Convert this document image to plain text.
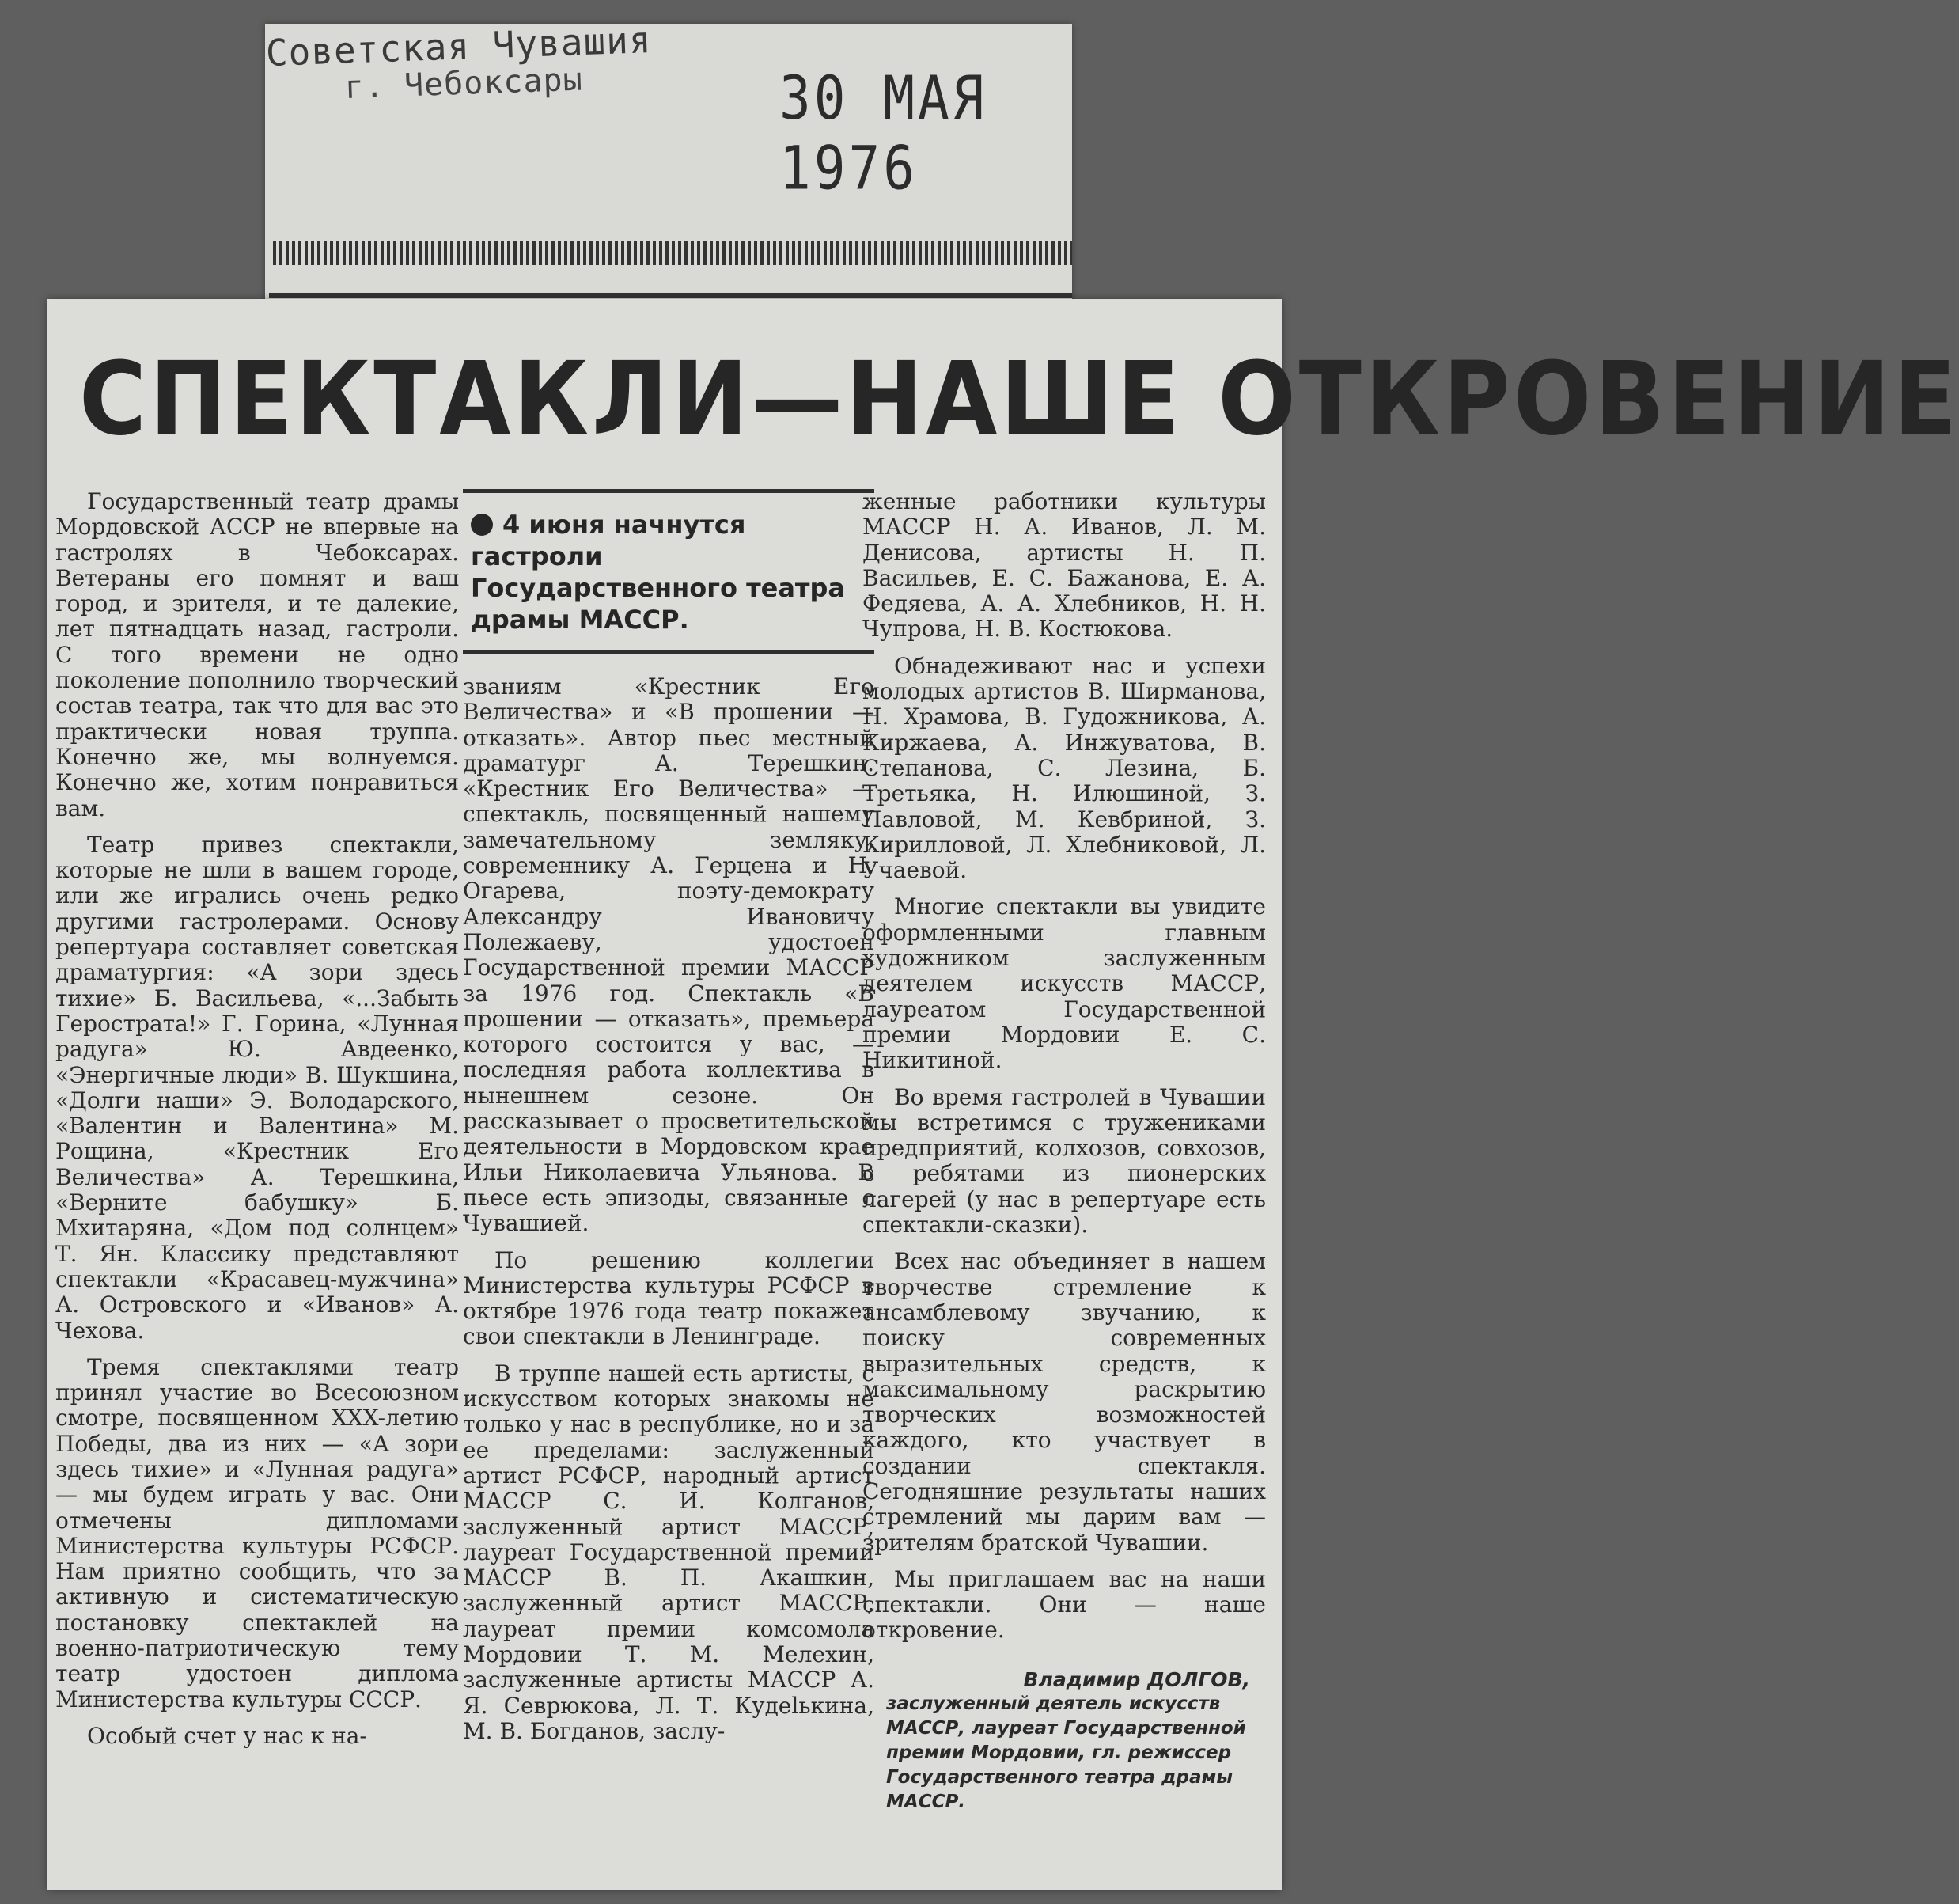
Советская Чувашия
г. Чебоксары	30 МАЯ 1976
СПЕКТАКЛИ—НАШЕ ОТКРОВЕНИЕ

Государственный театр драмы Мордовской АССР не впервые на гастролях в Чебоксарах. Ветераны его помнят и ваш город, и зрителя, и те далекие, лет пятнадцать назад, гастроли. С того времени не одно поколение пополнило творческий состав театра, так что для вас это практически новая труппа. Конечно же, мы волнуемся. Конечно же, хотим понравиться вам.

Театр привез спектакли, которые не шли в вашем городе, или же игрались очень редко другими гастролерами. Основу репертуара составляет советская драматургия: «А зори здесь тихие» Б. Васильева, «...Забыть Герострата!» Г. Горина, «Лунная радуга» Ю. Авдеенко, «Энергичные люди» В. Шукшина, «Долги наши» Э. Володарского, «Валентин и Валентина» М. Рощина, «Крестник Его Величества» А. Терешкина, «Верните бабушку» Б. Мхитаряна, «Дом под солнцем» Т. Ян. Классику представляют спектакли «Красавец-мужчина» А. Островского и «Иванов» А. Чехова.

Тремя спектаклями театр принял участие во Всесоюзном смотре, посвященном XXX-летию Победы, два из них — «А зори здесь тихие» и «Лунная радуга» — мы будем играть у вас. Они отмечены дипломами Министерства культуры РСФСР. Нам приятно сообщить, что за активную и систематическую постановку спектаклей на военно-патриотическую тему театр удостоен диплома Министерства культуры СССР.

Особый счет у нас к на-

4 июня начнутся гастроли Государственного театра драмы МАССР.

званиям «Крестник Его Величества» и «В прошении — отказать». Автор пьес местный драматург А. Терешкин. «Крестник Его Величества» — спектакль, посвященный нашему замечательному земляку, современнику А. Герцена и Н. Огарева, поэту-демократу Александру Ивановичу Полежаеву, удостоен Государственной премии МАССР за 1976 год. Спектакль «В прошении — отказать», премьера которого состоится у вас, — последняя работа коллектива в нынешнем сезоне. Он рассказывает о просветительской деятельности в Мордовском крае Ильи Николаевича Ульянова. В пьесе есть эпизоды, связанные с Чувашией.

По решению коллегии Министерства культуры РСФСР в октябре 1976 года театр покажет свои спектакли в Ленинграде.

В труппе нашей есть артисты, с искусством которых знакомы не только у нас в республике, но и за ее пределами: заслуженный артист РСФСР, народный артист МАССР С. И. Колганов, заслуженный артист МАССР, лауреат Государственной премии МАССР В. П. Акашкин, заслуженный артист МАССР, лауреат премии комсомола Мордовии Т. М. Мелехин, заслуженные артисты МАССР А. Я. Севрюкова, Л. Т. Кудelькина, М. В. Богданов, заслу-

женные работники культуры МАССР Н. А. Иванов, Л. М. Денисова, артисты Н. П. Васильев, Е. С. Бажанова, Е. А. Федяева, А. А. Хлебников, Н. Н. Чупрова, Н. В. Костюкова.

Обнадеживают нас и успехи молодых артистов В. Ширманова, Н. Храмова, В. Гудожникова, А. Киржаева, А. Инжуватова, В. Степанова, С. Лезина, Б. Третьяка, Н. Илюшиной, З. Павловой, М. Кевбриной, З. Кирилловой, Л. Хлебниковой, Л. Учаевой.

Многие спектакли вы увидите оформленными главным художником заслуженным деятелем искусств МАССР, лауреатом Государственной премии Мордовии Е. С. Никитиной.

Во время гастролей в Чувашии мы встретимся с тружениками предприятий, колхозов, совхозов, с ребятами из пионерских лагерей (у нас в репертуаре есть спектакли-сказки).

Всех нас объединяет в нашем творчестве стремление к ансамблевому звучанию, к поиску современных выразительных средств, к максимальному раскрытию творческих возможностей каждого, кто участвует в создании спектакля. Сегодняшние результаты наших стремлений мы дарим вам — зрителям братской Чувашии.

Мы приглашаем вас на наши спектакли. Они — наше откровение.

Владимир ДОЛГОВ,
заслуженный деятель искусств МАССР, лауреат Государственной премии Мордовии, гл. режиссер Государственного театра драмы МАССР.
